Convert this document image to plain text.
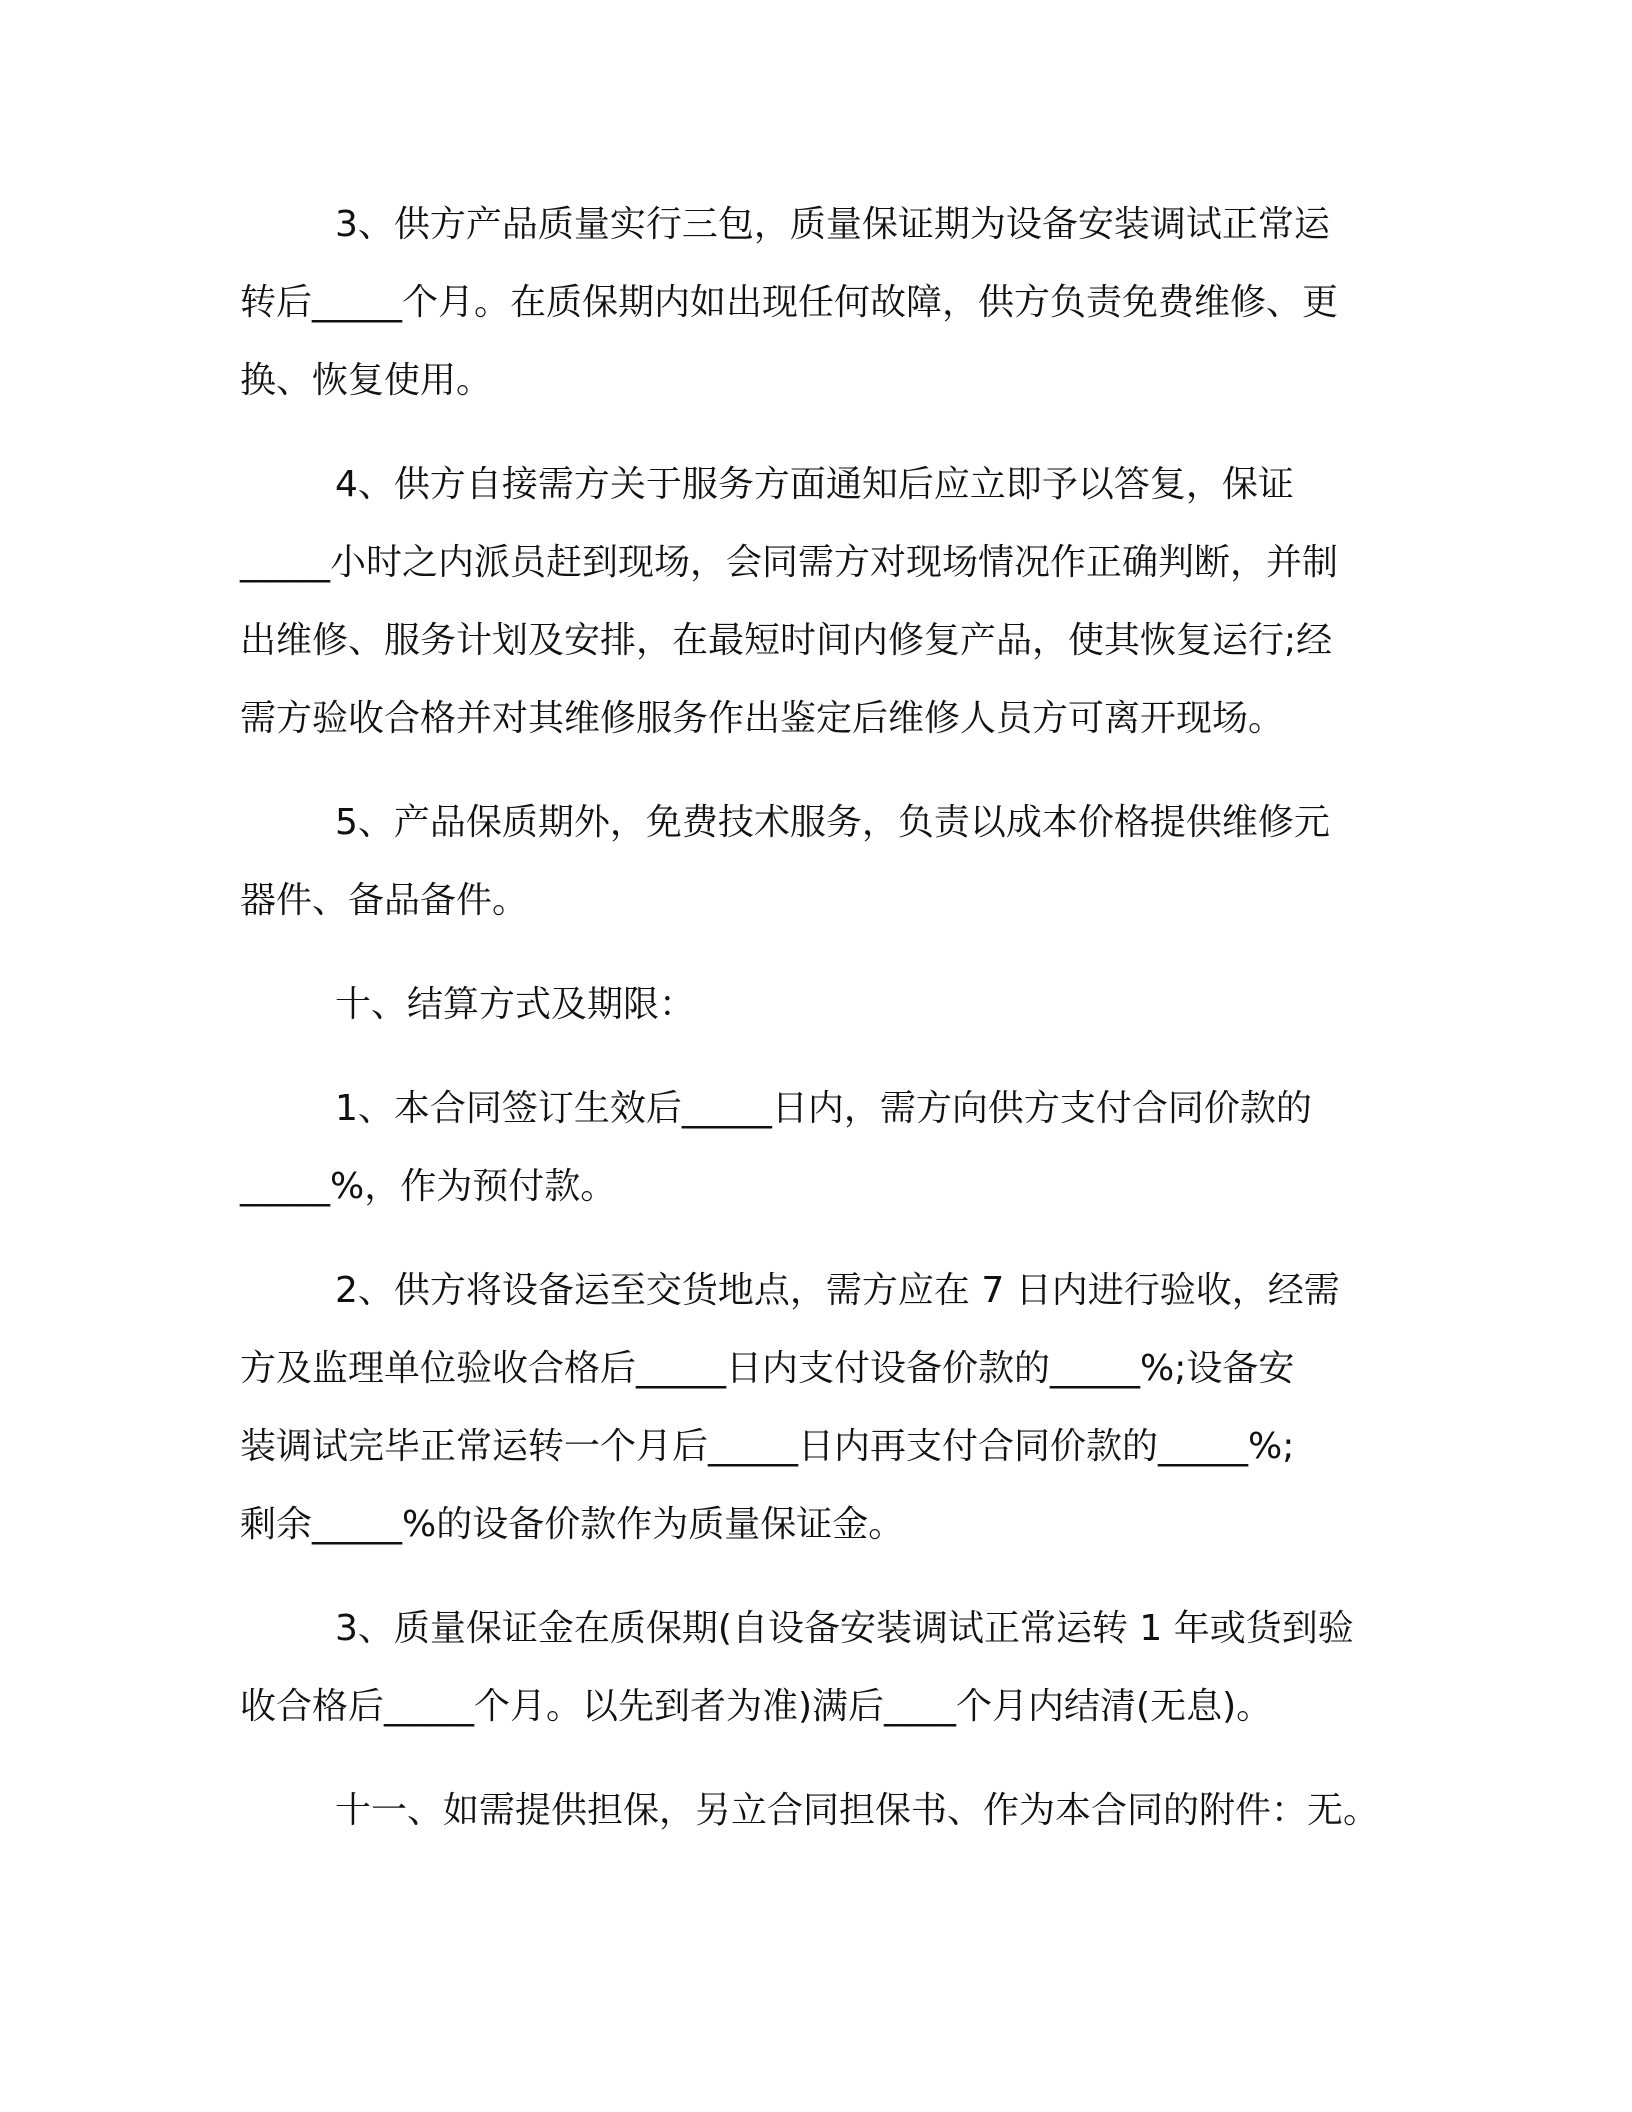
3、供方产品质量实行三包，质量保证期为设备安装调试正常运
转后_____个月。在质保期内如出现任何故障，供方负责免费维修、更
换、恢复使用。
4、供方自接需方关于服务方面通知后应立即予以答复，保证
_____小时之内派员赶到现场，会同需方对现场情况作正确判断，并制
出维修、服务计划及安排，在最短时间内修复产品，使其恢复运行;经
需方验收合格并对其维修服务作出鉴定后维修人员方可离开现场。
5、产品保质期外，免费技术服务，负责以成本价格提供维修元
器件、备品备件。
十、结算方式及期限：
1、本合同签订生效后_____日内，需方向供方支付合同价款的
_____%，作为预付款。
2、供方将设备运至交货地点，需方应在 7 日内进行验收，经需
方及监理单位验收合格后_____日内支付设备价款的_____%;设备安
装调试完毕正常运转一个月后_____日内再支付合同价款的_____%;
剩余_____%的设备价款作为质量保证金。
3、质量保证金在质保期(自设备安装调试正常运转 1 年或货到验
收合格后_____个月。以先到者为准)满后____个月内结清(无息)。
十一、如需提供担保，另立合同担保书、作为本合同的附件：无。
